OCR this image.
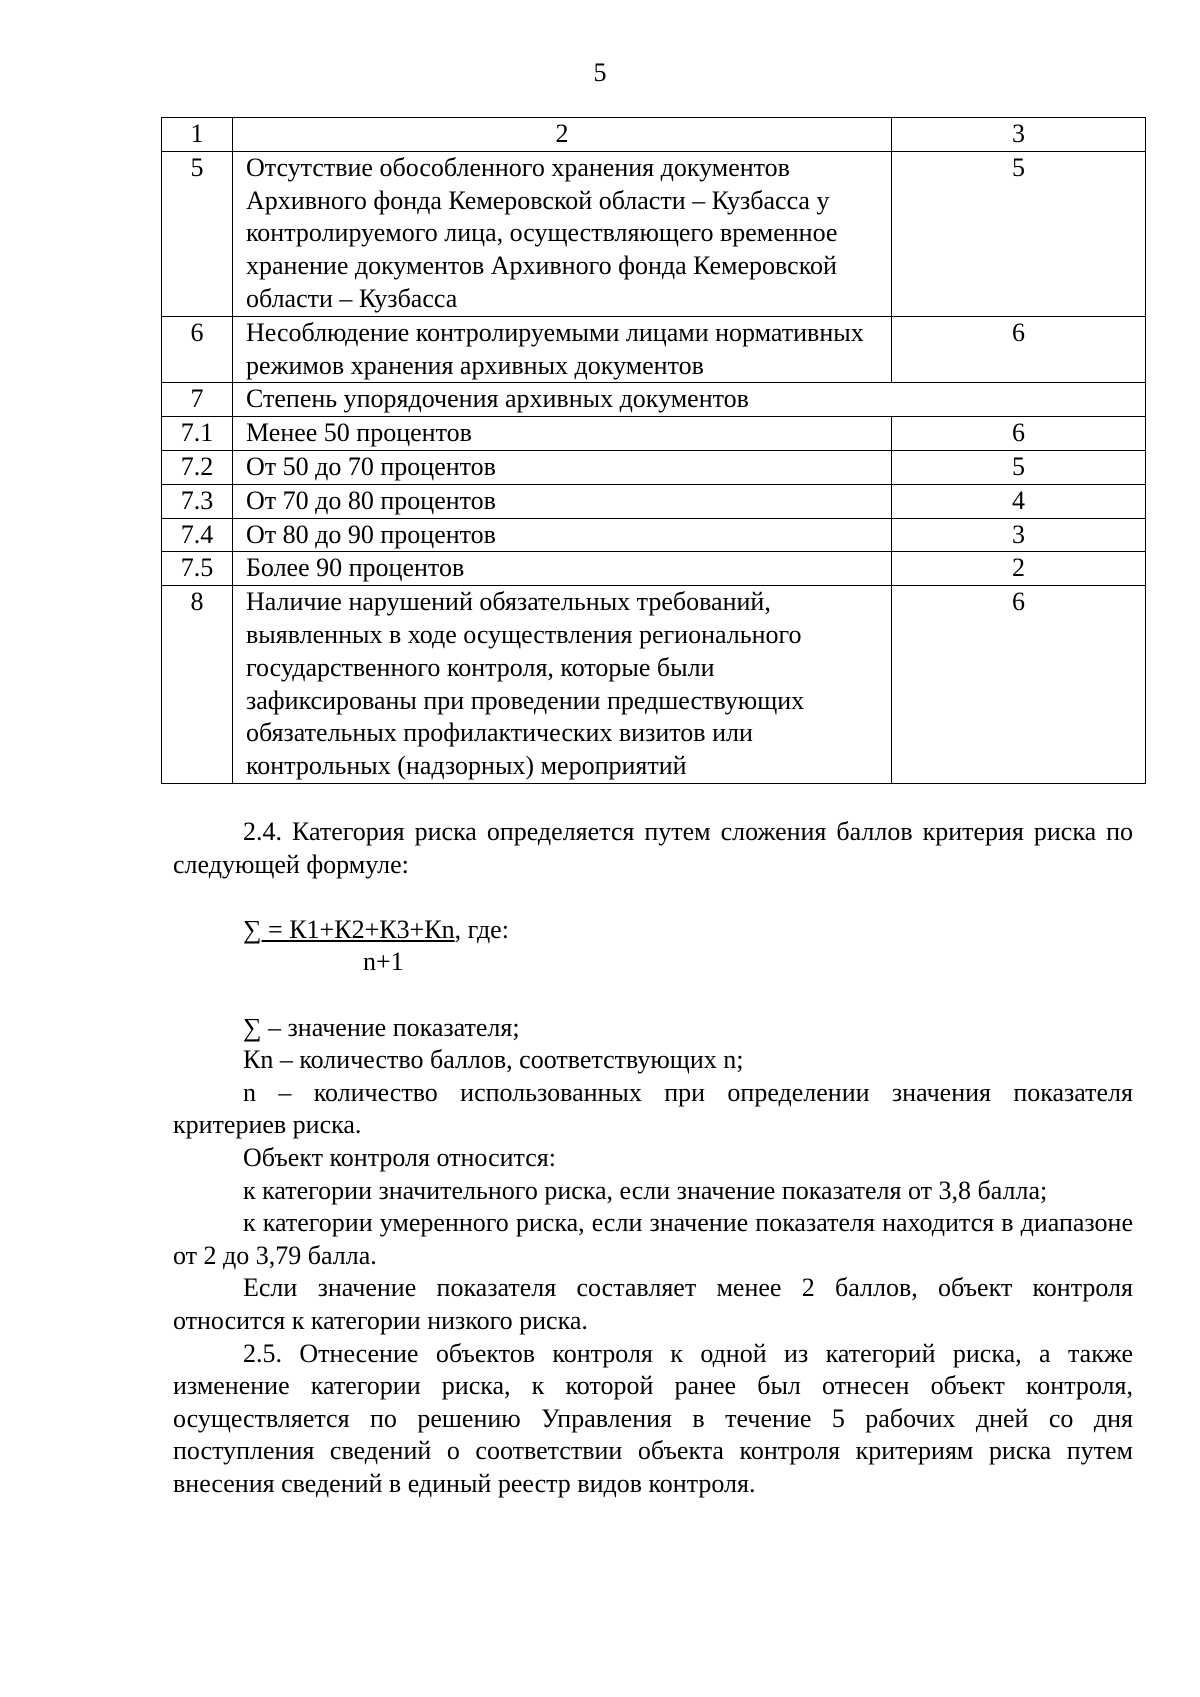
5
1	2	3
5	Отсутствие обособленного хранения документов Архивного фонда Кемеровской области – Кузбасса у контролируемого лица, осуществляющего временное хранение документов Архивного фонда Кемеровской области – Кузбасса	5
6	Несоблюдение контролируемыми лицами нормативных режимов хранения архивных документов	6
7	Степень упорядочения архивных документов	
7.1	Менее 50 процентов	6
7.2	От 50 до 70 процентов	5
7.3	От 70 до 80 процентов	4
7.4	От 80 до 90 процентов	3
7.5	Более 90 процентов	2
8	Наличие нарушений обязательных требований, выявленных в ходе осуществления регионального государственного контроля, которые были зафиксированы при проведении предшествующих обязательных профилактических визитов или контрольных (надзорных) мероприятий	6

2.4. Категория риска определяется путем сложения баллов критерия риска по следующей формуле:

∑ = К1+К2+К3+Кn, где:

n+1

∑ – значение показателя;

Кn – количество баллов, соответствующих n;

n – количество использованных при определении значения показателя критериев риска.

Объект контроля относится:

к категории значительного риска, если значение показателя от 3,8 балла;

к категории умеренного риска, если значение показателя находится в диапазоне от 2 до 3,79 балла.

Если значение показателя составляет менее 2 баллов, объект контроля относится к категории низкого риска.

2.5. Отнесение объектов контроля к одной из категорий риска, а также изменение категории риска, к которой ранее был отнесен объект контроля, осуществляется по решению Управления в течение 5 рабочих дней со дня поступления сведений о соответствии объекта контроля критериям риска путем внесения сведений в единый реестр видов контроля.
